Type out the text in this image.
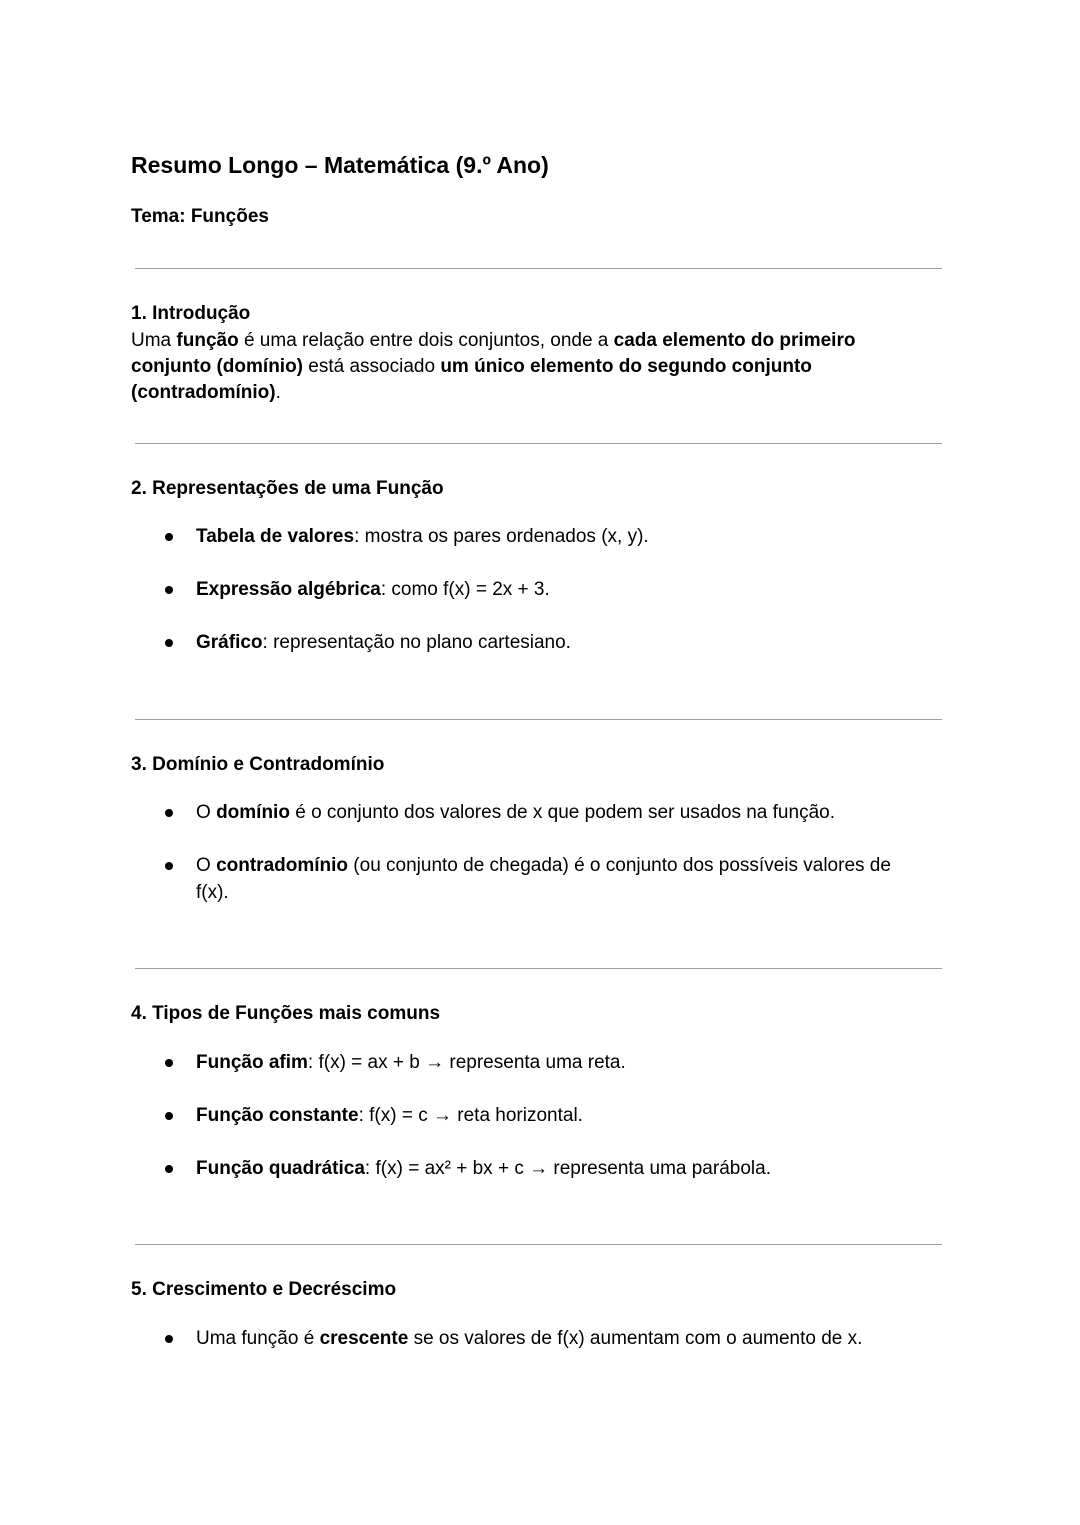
Resumo Longo – Matemática (9.º Ano)
Tema: Funções
1. Introdução
Uma função é uma relação entre dois conjuntos, onde a cada elemento do primeiro
conjunto (domínio) está associado um único elemento do segundo conjunto
(contradomínio).
2. Representações de uma Função
Tabela de valores: mostra os pares ordenados (x, y).
Expressão algébrica: como f(x) = 2x + 3.
Gráfico: representação no plano cartesiano.
3. Domínio e Contradomínio
O domínio é o conjunto dos valores de x que podem ser usados na função.
O contradomínio (ou conjunto de chegada) é o conjunto dos possíveis valores de
f(x).
4. Tipos de Funções mais comuns
Função afim: f(x) = ax + b → representa uma reta.
Função constante: f(x) = c → reta horizontal.
Função quadrática: f(x) = ax² + bx + c → representa uma parábola.
5. Crescimento e Decréscimo
Uma função é crescente se os valores de f(x) aumentam com o aumento de x.
